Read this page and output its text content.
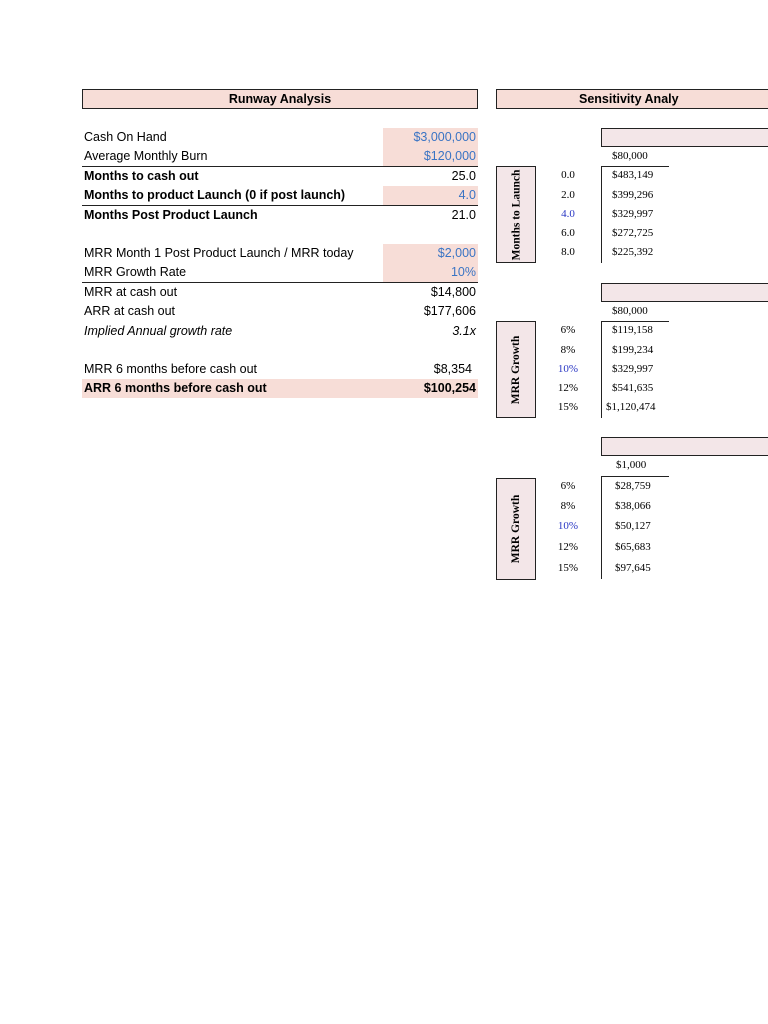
Runway Analysis
Cash On Hand	$3,000,000
Average Monthly Burn	$120,000
Months to cash out	25.0
Months to product Launch (0 if post launch)	4.0
Months Post Product Launch	21.0
MRR Month 1 Post Product Launch / MRR today	$2,000
MRR Growth Rate	10%
MRR at cash out	$14,800
ARR at cash out	$177,606
Implied Annual growth rate	3.1x
MRR 6 months before cash out	$8,354
ARR 6 months before cash out	$100,254
Sensitivity Analy
$80,000
Months to Launch	0.0	$483,149
2.0	$399,296
4.0	$329,997
6.0	$272,725
8.0	$225,392
$80,000
MRR Growth
6%	$119,158
8%	$199,234
10%	$329,997
12%	$541,635
15%	$1,120,474
$1,000
MRR Growth
6%	$28,759
8%	$38,066
10%	$50,127
12%	$65,683
15%	$97,645
